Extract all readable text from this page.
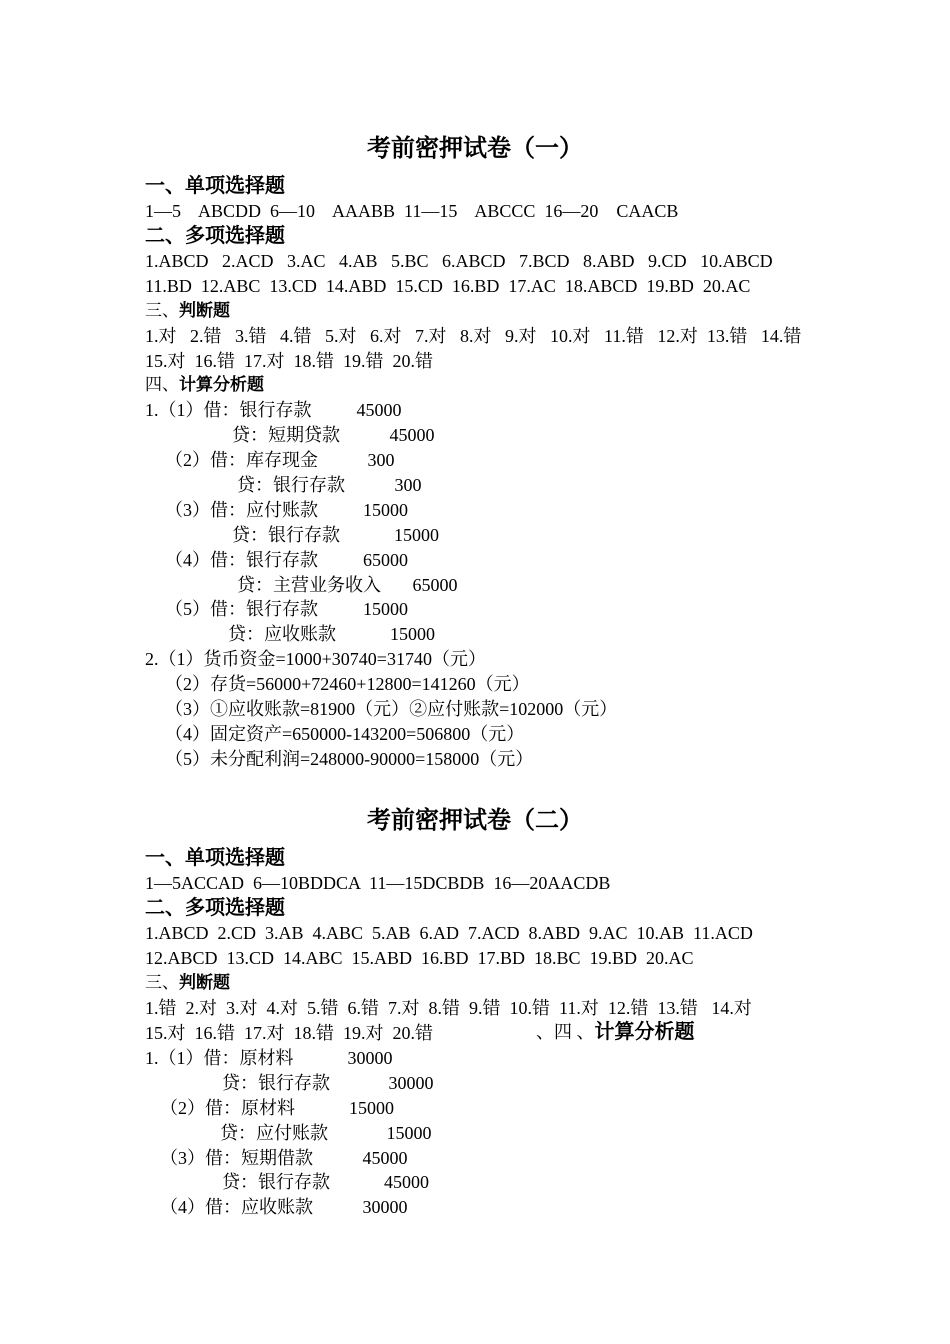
考前密押试卷（一）
一、单项选择题
1—5    ABCDD  6—10    AAABB  11—15    ABCCC  16—20    CAACB
二、多项选择题
1.ABCD   2.ACD   3.AC   4.AB   5.BC   6.ABCD   7.BCD   8.ABD   9.CD   10.ABCD
11.BD  12.ABC  13.CD  14.ABD  15.CD  16.BD  17.AC  18.ABCD  19.BD  20.AC
三、判断题
1.对   2.错   3.错   4.错   5.对   6.对   7.对   8.对   9.对   10.对   11.错   12.对  13.错   14.错
15.对  16.错  17.对  18.错  19.错  20.错
四、计算分析题
1.（1）借：银行存款          45000
贷：短期贷款           45000
（2）借：库存现金           300
贷：银行存款           300
（3）借：应付账款          15000
贷：银行存款            15000
（4）借：银行存款          65000
贷：主营业务收入       65000
（5）借：银行存款          15000
贷：应收账款            15000
2.（1）货币资金=1000+30740=31740（元）
（2）存货=56000+72460+12800=141260（元）
（3）①应收账款=81900（元）②应付账款=102000（元）
（4）固定资产=650000-143200=506800（元）
（5）未分配利润=248000-90000=158000（元）
考前密押试卷（二）
一、单项选择题
1—5ACCAD  6—10BDDCA  11—15DCBDB  16—20AACDB
二、多项选择题
1.ABCD  2.CD  3.AB  4.ABC  5.AB  6.AD  7.ACD  8.ABD  9.AC  10.AB  11.ACD
12.ABCD  13.CD  14.ABC  15.ABD  16.BD  17.BD  18.BC  19.BD  20.AC
三、判断题
1.错  2.对  3.对  4.对  5.错  6.错  7.对  8.错  9.错  10.错  11.对  12.错  13.错   14.对
15.对  16.错  17.对  18.错  19.对  20.错	、四 、计算分析题
1.（1）借：原材料            30000
贷：银行存款             30000
（2）借：原材料            15000
贷：应付账款             15000
（3）借：短期借款           45000
贷：银行存款            45000
（4）借：应收账款           30000
